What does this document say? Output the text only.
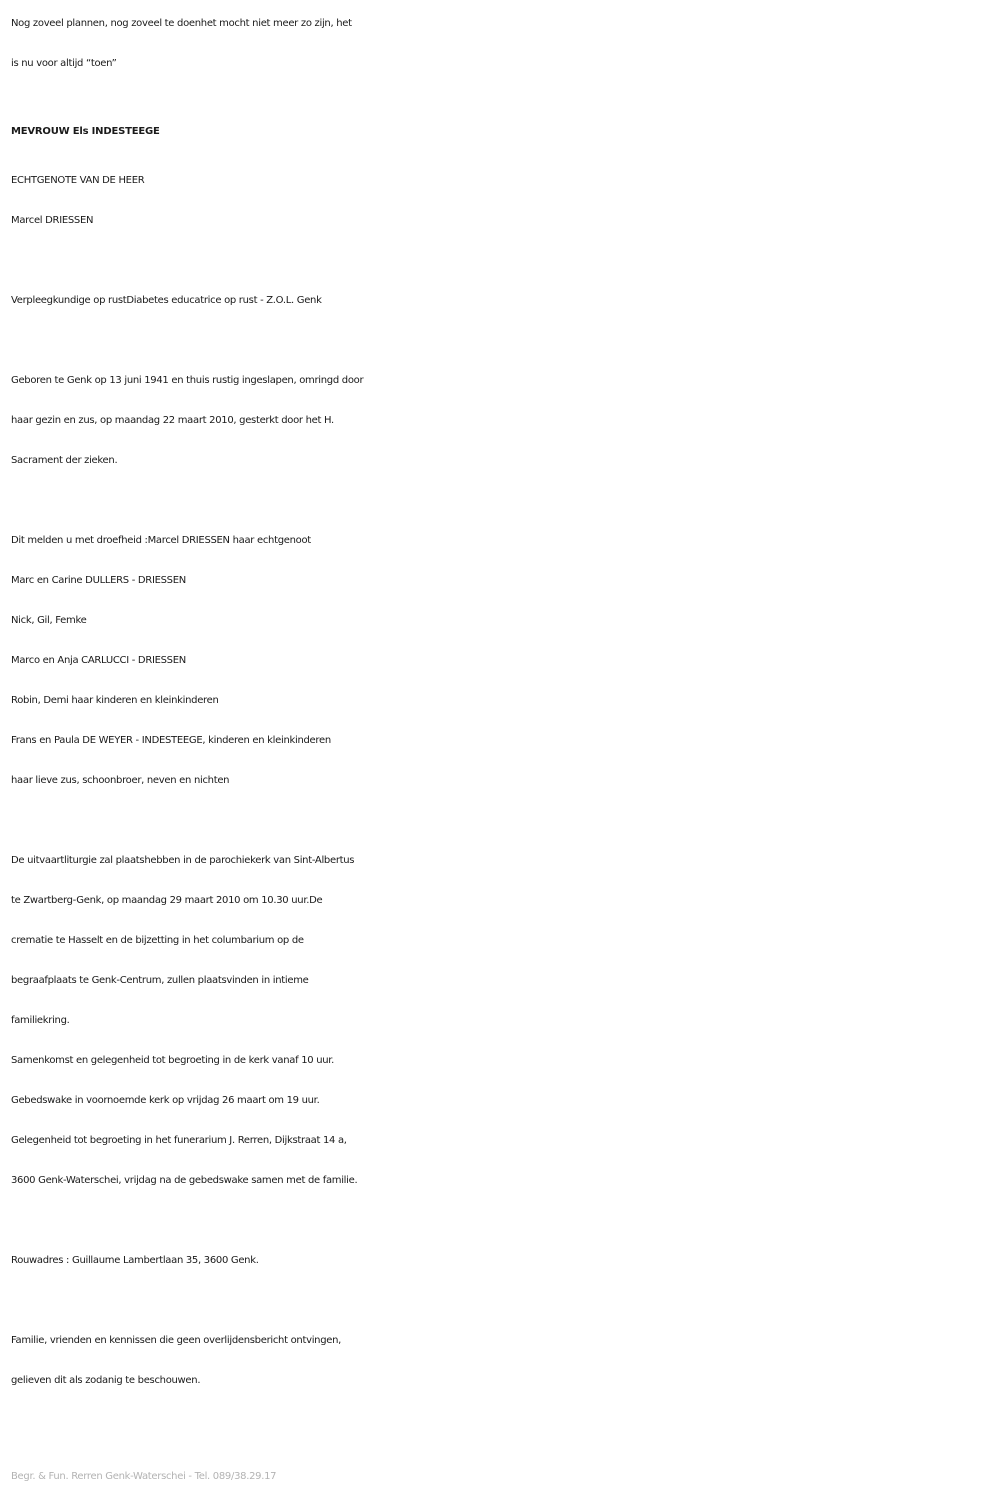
Nog zoveel plannen, nog zoveel te doenhet mocht niet meer zo zijn, het
is nu voor altijd “toen”
MEVROUW Els INDESTEEGE
ECHTGENOTE VAN DE HEER
Marcel DRIESSEN
Verpleegkundige op rustDiabetes educatrice op rust - Z.O.L. Genk
Geboren te Genk op 13 juni 1941 en thuis rustig ingeslapen, omringd door
haar gezin en zus, op maandag 22 maart 2010, gesterkt door het H.
Sacrament der zieken.
Dit melden u met droefheid :Marcel DRIESSEN haar echtgenoot
Marc en Carine DULLERS - DRIESSEN
Nick, Gil, Femke
Marco en Anja CARLUCCI - DRIESSEN
Robin, Demi haar kinderen en kleinkinderen
Frans en Paula DE WEYER - INDESTEEGE, kinderen en kleinkinderen
haar lieve zus, schoonbroer, neven en nichten
De uitvaartliturgie zal plaatshebben in de parochiekerk van Sint-Albertus
te Zwartberg-Genk, op maandag 29 maart 2010 om 10.30 uur.De
crematie te Hasselt en de bijzetting in het columbarium op de
begraafplaats te Genk-Centrum, zullen plaatsvinden in intieme
familiekring.
Samenkomst en gelegenheid tot begroeting in de kerk vanaf 10 uur.
Gebedswake in voornoemde kerk op vrijdag 26 maart om 19 uur.
Gelegenheid tot begroeting in het funerarium J. Rerren, Dijkstraat 14 a,
3600 Genk-Waterschei, vrijdag na de gebedswake samen met de familie.
Rouwadres : Guillaume Lambertlaan 35, 3600 Genk.
Familie, vrienden en kennissen die geen overlijdensbericht ontvingen,
gelieven dit als zodanig te beschouwen.
Begr. & Fun. Rerren Genk-Waterschei - Tel. 089/38.29.17
